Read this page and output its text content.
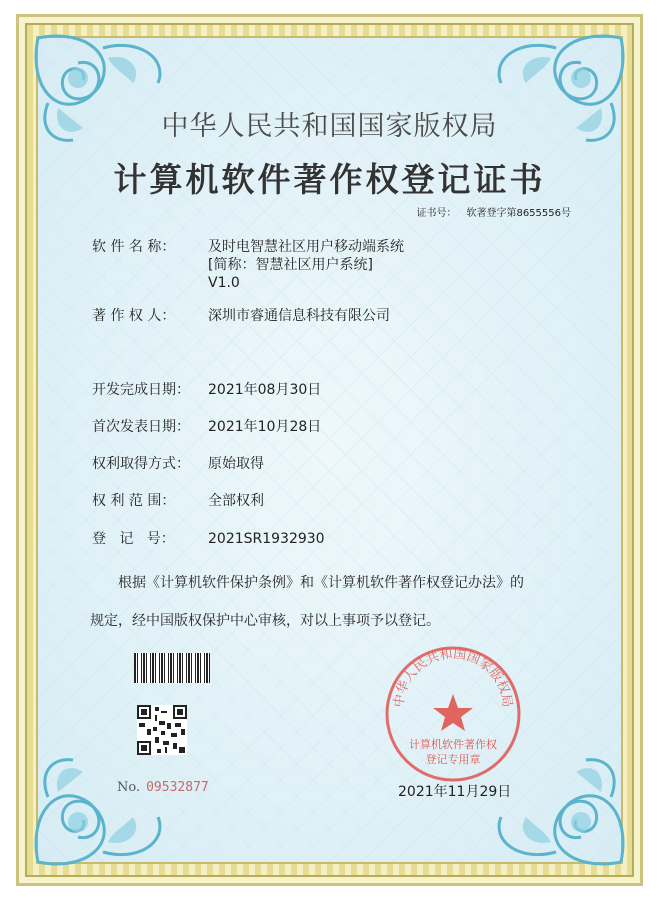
中华人民共和国国家版权局
计算机软件著作权登记证书
证书号： 软著登字第8655556号
软 件 名 称： 及时电智慧社区用户移动端系统
[简称：智慧社区用户系统]
V1.0
著 作 权 人： 深圳市睿通信息科技有限公司
开发完成日期： 2021年08月30日
首次发表日期： 2021年10月28日
权利取得方式： 原始取得
权 利 范 围： 全部权利
登   记   号： 2021SR1932930
根据《计算机软件保护条例》和《计算机软件著作权登记办法》的
规定，经中国版权保护中心审核，对以上事项予以登记。
No. 09532877
中华人民共和国国家版权局
计算机软件著作权
登记专用章
2021年11月29日
